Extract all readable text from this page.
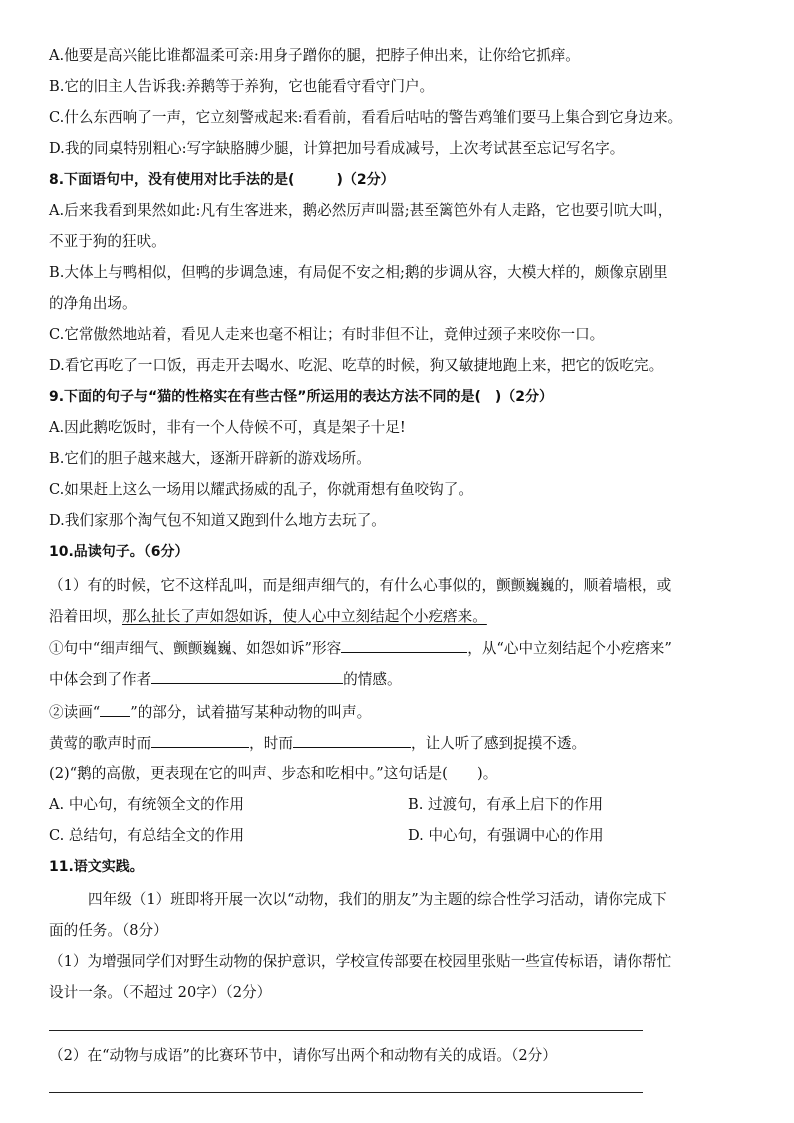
A.他要是高兴能比谁都温柔可亲:用身子蹭你的腿，把脖子伸出来，让你给它抓痒。
B.它的旧主人告诉我:养鹅等于养狗，它也能看守看守门户。
C.什么东西响了一声，它立刻警戒起来:看看前，看看后咕咕的警告鸡雏们要马上集合到它身边来。
D.我的同桌特别粗心:写字缺胳膊少腿，计算把加号看成减号，上次考试甚至忘记写名字。
8.下面语句中，没有使用对比手法的是(　　　)（2分）
A.后来我看到果然如此:凡有生客进来，鹅必然厉声叫嚣;甚至篱笆外有人走路，它也要引吭大叫，
不亚于狗的狂吠。
B.大体上与鸭相似，但鸭的步调急速，有局促不安之相;鹅的步调从容，大模大样的，颇像京剧里
的净角出场。
C.它常傲然地站着，看见人走来也毫不相让；有时非但不让，竟伸过颈子来咬你一口。
D.看它再吃了一口饭，再走开去喝水、吃泥、吃草的时候，狗又敏捷地跑上来，把它的饭吃完。
9.下面的句子与“猫的性格实在有些古怪”所运用的表达方法不同的是(　)（2分）
A.因此鹅吃饭时，非有一个人侍候不可，真是架子十足!
B.它们的胆子越来越大，逐渐开辟新的游戏场所。
C.如果赶上这么一场用以耀武扬威的乱子，你就甭想有鱼咬钩了。
D.我们家那个淘气包不知道又跑到什么地方去玩了。
10.品读句子。（6分）
（1）有的时候，它不这样乱叫，而是细声细气的，有什么心事似的，颤颤巍巍的，顺着墙根，或
沿着田坝，那么扯长了声如怨如诉，使人心中立刻结起个小疙瘩来。
①句中“细声细气、颤颤巍巍、如怨如诉”形容	，从“心中立刻结起个小疙瘩来”
中体会到了作者	的情感。
②读画“ ”的部分，试着描写某种动物的叫声。
黄莺的歌声时而	，时而	，让人听了感到捉摸不透。
(2)“鹅的高傲，更表现在它的叫声、步态和吃相中。”这句话是(　　)。
A. 中心句，有统领全文的作用	B. 过渡句，有承上启下的作用
C. 总结句，有总结全文的作用	D. 中心句，有强调中心的作用
11.语文实践。
四年级（1）班即将开展一次以“动物，我们的朋友”为主题的综合性学习活动，请你完成下
面的任务。（8分）
（1）为增强同学们对野生动物的保护意识，学校宣传部要在校园里张贴一些宣传标语，请你帮忙
设计一条。（不超过 20字）（2分）
（2）在“动物与成语”的比赛环节中，请你写出两个和动物有关的成语。（2分）
